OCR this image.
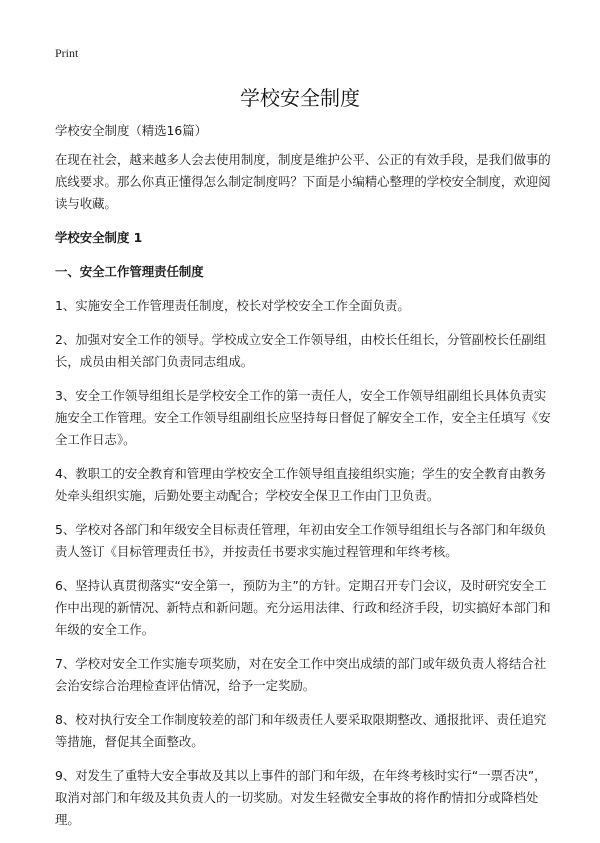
Print
学校安全制度

学校安全制度（精选16篇）

在现在社会，越来越多人会去使用制度，制度是维护公平、公正的有效手段，是我们做事的底线要求。那么你真正懂得怎么制定制度吗？下面是小编精心整理的学校安全制度，欢迎阅读与收藏。

学校安全制度 1

一、安全工作管理责任制度

1、实施安全工作管理责任制度，校长对学校安全工作全面负责。

2、加强对安全工作的领导。学校成立安全工作领导组，由校长任组长，分管副校长任副组长，成员由相关部门负责同志组成。

3、安全工作领导组组长是学校安全工作的第一责任人，安全工作领导组副组长具体负责实施安全工作管理。安全工作领导组副组长应坚持每日督促了解安全工作，安全主任填写《安全工作日志》。

4、教职工的安全教育和管理由学校安全工作领导组直接组织实施；学生的安全教育由教务处牵头组织实施，后勤处要主动配合；学校安全保卫工作由门卫负责。

5、学校对各部门和年级安全目标责任管理，年初由安全工作领导组组长与各部门和年级负责人签订《目标管理责任书》，并按责任书要求实施过程管理和年终考核。

6、坚持认真贯彻落实“安全第一，预防为主”的方针。定期召开专门会议，及时研究安全工作中出现的新情况、新特点和新问题。充分运用法律、行政和经济手段，切实搞好本部门和年级的安全工作。

7、学校对安全工作实施专项奖励，对在安全工作中突出成绩的部门或年级负责人将结合社会治安综合治理检查评估情况，给予一定奖励。

8、校对执行安全工作制度较差的部门和年级责任人要采取限期整改、通报批评、责任追究等措施，督促其全面整改。

9、对发生了重特大安全事故及其以上事件的部门和年级，在年终考核时实行“一票否决”，取消对部门和年级及其负责人的一切奖励。对发生轻微安全事故的将作酌情扣分或降档处理。
